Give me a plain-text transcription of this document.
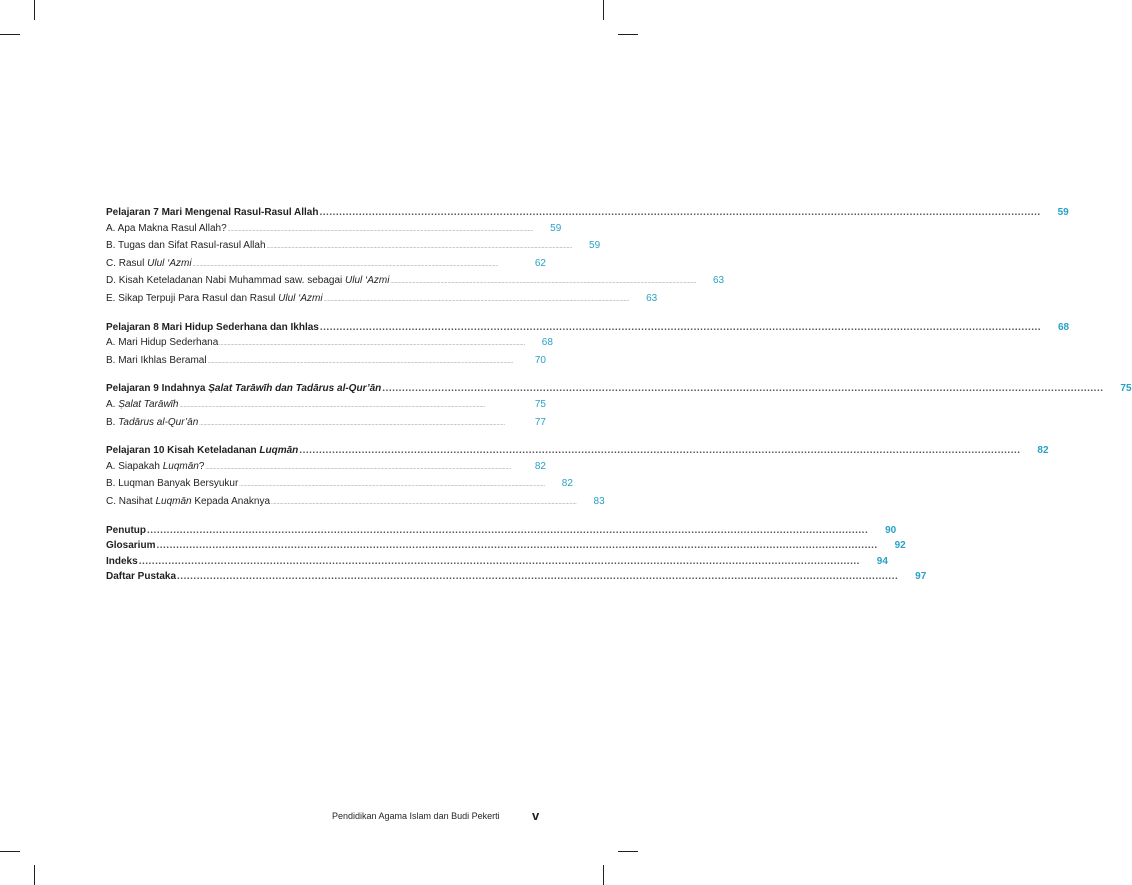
Pelajaran 7 Mari Mengenal Rasul-Rasul Allah ............................................................................................................................................................................................................................	59
A. Apa Makna Rasul Allah? ............................................................................................................................................................................................................................	59
B. Tugas dan Sifat Rasul-rasul Allah ............................................................................................................................................................................................................................	59
C. Rasul Ulul ‘Azmi ............................................................................................................................................................................................................................	62
D. Kisah Keteladanan Nabi Muhammad saw. sebagai Ulul ‘Azmi ............................................................................................................................................................................................................................	63
E. Sikap Terpuji Para Rasul dan Rasul Ulul ‘Azmi ............................................................................................................................................................................................................................	63
Pelajaran 8 Mari Hidup Sederhana dan Ikhlas ............................................................................................................................................................................................................................	68
A. Mari Hidup Sederhana ............................................................................................................................................................................................................................	68
B. Mari Ikhlas Beramal ............................................................................................................................................................................................................................	70
Pelajaran 9 Indahnya Ṣalat Tarāwīh dan Tadārus al-Qur’ān ............................................................................................................................................................................................................................	75
A. Ṣalat Tarāwīh ............................................................................................................................................................................................................................	75
B. Tadārus al-Qur’ān ............................................................................................................................................................................................................................	77
Pelajaran 10 Kisah Keteladanan Luqmān ............................................................................................................................................................................................................................	82
A. Siapakah Luqmān? ............................................................................................................................................................................................................................	82
B. Luqman Banyak Bersyukur ............................................................................................................................................................................................................................	82
C. Nasihat Luqmān Kepada Anaknya ............................................................................................................................................................................................................................	83
Penutup ............................................................................................................................................................................................................................	90
Glosarium ............................................................................................................................................................................................................................	92
Indeks ............................................................................................................................................................................................................................	94
Daftar Pustaka ............................................................................................................................................................................................................................	97
Pendidikan Agama Islam dan Budi Pekerti v
